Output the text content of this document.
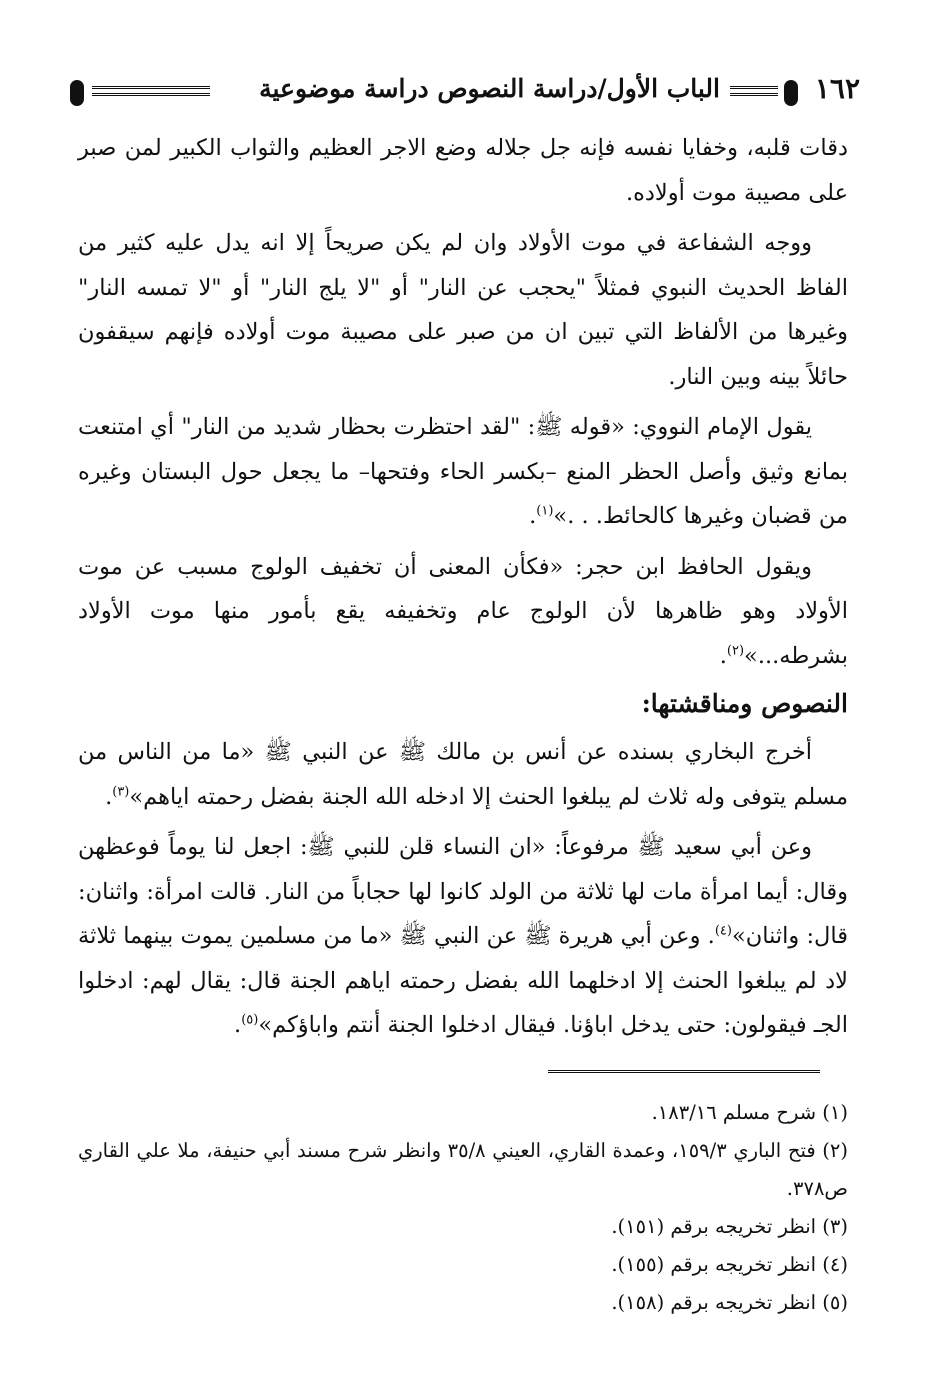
١٦٢
الباب الأول/دراسة النصوص دراسة موضوعية

دقات قلبه، وخفايا نفسه فإنه جل جلاله وضع الاجر العظيم والثواب الكبير لمن صبر على مصيبة موت أولاده.

ووجه الشفاعة في موت الأولاد وان لم يكن صريحاً إلا انه يدل عليه كثير من الفاظ الحديث النبوي فمثلاً "يحجب عن النار" أو "لا يلج النار" أو "لا تمسه النار" وغيرها من الألفاظ التي تبين ان من صبر على مصيبة موت أولاده فإنهم سيقفون حائلاً بينه وبين النار.

يقول الإمام النووي: «قوله ﷺ: "لقد احتظرت بحظار شديد من النار" أي امتنعت بمانع وثيق وأصل الحظر المنع –بكسر الحاء وفتحها– ما يجعل حول البستان وغيره من قضبان وغيرها كالحائط. . .»$^{(١)}$.

ويقول الحافظ ابن حجر: «فكأن المعنى أن تخفيف الولوج مسبب عن موت الأولاد وهو ظاهرها لأن الولوج عام وتخفيفه يقع بأمور منها موت الأولاد بشرطه...»$^{(٢)}$.

النصوص ومناقشتها:

أخرج البخاري بسنده عن أنس بن مالك ﷺ عن النبي ﷺ «ما من الناس من مسلم يتوفى وله ثلاث لم يبلغوا الحنث إلا ادخله الله الجنة بفضل رحمته اياهم»$^{(٣)}$.

وعن أبي سعيد ﷺ مرفوعاً: «ان النساء قلن للنبي ﷺ: اجعل لنا يوماً فوعظهن وقال: أيما امرأة مات لها ثلاثة من الولد كانوا لها حجاباً من النار. قالت امرأة: واثنان: قال: واثنان»$^{(٤)}$. وعن أبي هريرة ﷺ عن النبي ﷺ «ما من مسلمين يموت بينهما ثلاثة لاد لم يبلغوا الحنث إلا ادخلهما الله بفضل رحمته اياهم الجنة قال: يقال لهم: ادخلوا الجـ فيقولون: حتى يدخل اباؤنا. فيقال ادخلوا الجنة أنتم واباؤكم»$^{(٥)}$.

(١) شرح مسلم ١٨٣/١٦.

(٢) فتح الباري ١٥٩/٣، وعمدة القاري، العيني ٣٥/٨ وانظر شرح مسند أبي حنيفة، ملا علي القاري ص٣٧٨.

(٣) انظر تخريجه برقم (١٥١).

(٤) انظر تخريجه برقم (١٥٥).

(٥) انظر تخريجه برقم (١٥٨).
